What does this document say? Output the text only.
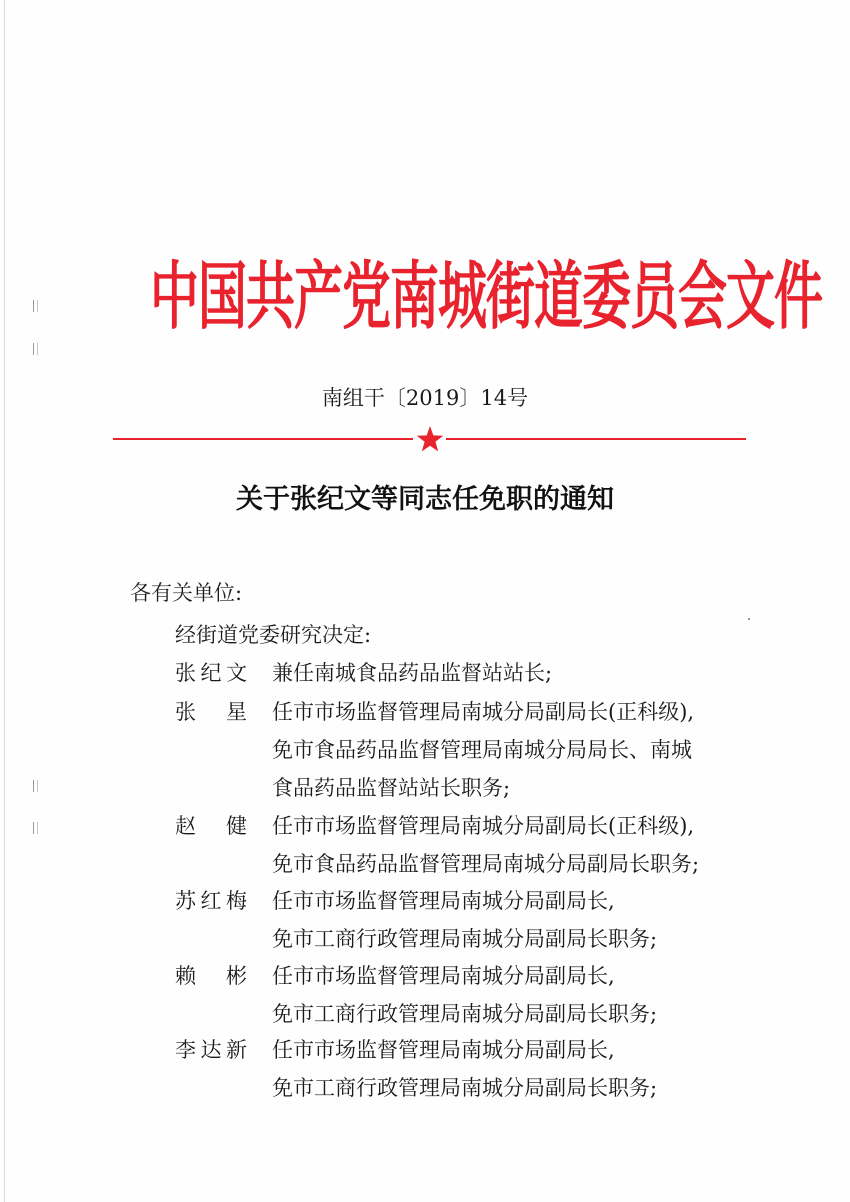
中国共产党南城街道委员会文件
南组干〔2019〕14号
关于张纪文等同志任免职的通知
各有关单位:
经街道党委研究决定:
张纪文 兼任南城食品药品监督站站长;
张 星 任市市场监督管理局南城分局副局长(正科级),
免市食品药品监督管理局南城分局局长、南城
食品药品监督站站长职务;
赵 健 任市市场监督管理局南城分局副局长(正科级),
免市食品药品监督管理局南城分局副局长职务;
苏红梅 任市市场监督管理局南城分局副局长,
免市工商行政管理局南城分局副局长职务;
赖 彬 任市市场监督管理局南城分局副局长,
免市工商行政管理局南城分局副局长职务;
李达新 任市市场监督管理局南城分局副局长,
免市工商行政管理局南城分局副局长职务;
